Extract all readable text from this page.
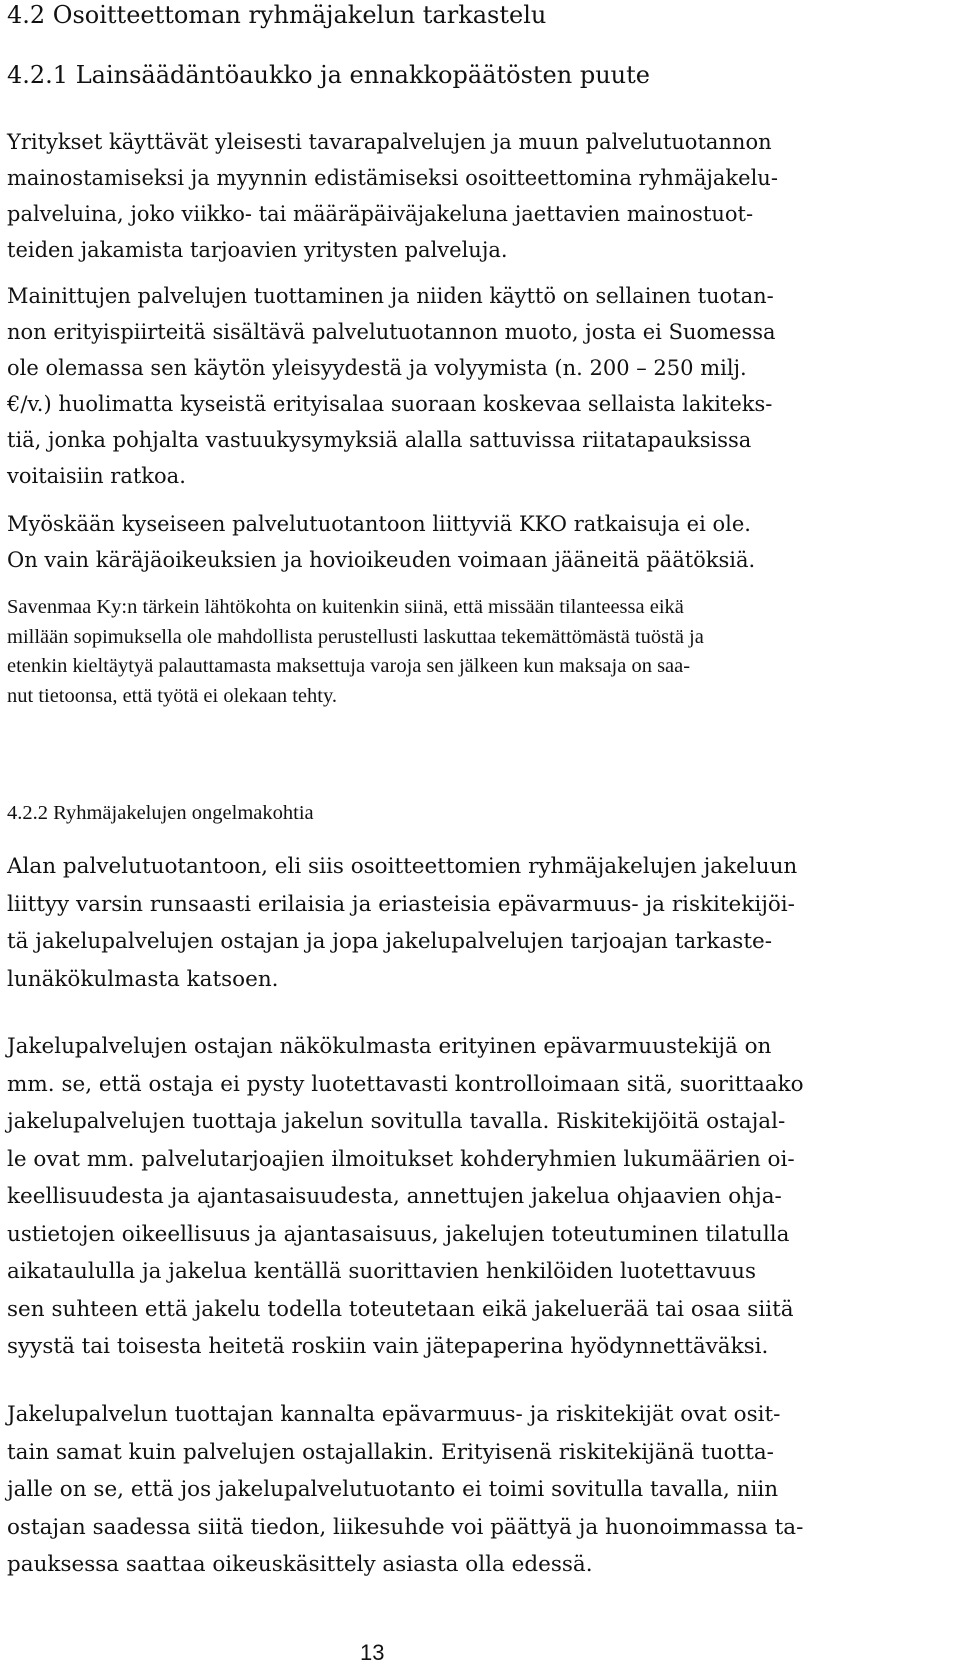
4.2 Osoitteettoman ryhmäjakelun tarkastelu
4.2.1 Lainsäädäntöaukko ja ennakkopäätösten puute

Yritykset käyttävät yleisesti tavarapalvelujen ja muun palvelutuotannon
mainostamiseksi ja myynnin edistämiseksi osoitteettomina ryhmäjakelu-
palveluina, joko viikko- tai määräpäiväjakeluna jaettavien mainostuot-
teiden jakamista tarjoavien yritysten palveluja.

Mainittujen palvelujen tuottaminen ja niiden käyttö on sellainen tuotan-
non erityispiirteitä sisältävä palvelutuotannon muoto, josta ei Suomessa
ole olemassa sen käytön yleisyydestä ja volyymista (n. 200 – 250 milj.
€/v.) huolimatta kyseistä erityisalaa suoraan koskevaa sellaista lakiteks-
tiä, jonka pohjalta vastuukysymyksiä alalla sattuvissa riitatapauksissa
voitaisiin ratkoa.

Myöskään kyseiseen palvelutuotantoon liittyviä KKO ratkaisuja ei ole.
On vain käräjäoikeuksien ja hovioikeuden voimaan jääneitä päätöksiä.

Savenmaa Ky:n tärkein lähtökohta on kuitenkin siinä, että missään tilanteessa eikä
millään sopimuksella ole mahdollista perustellusti laskuttaa tekemättömästä tuöstä ja
etenkin kieltäytyä palauttamasta maksettuja varoja sen jälkeen kun maksaja on saa-
nut tietoonsa, että työtä ei olekaan tehty.

4.2.2 Ryhmäjakelujen ongelmakohtia

Alan palvelutuotantoon, eli siis osoitteettomien ryhmäjakelujen jakeluun
liittyy varsin runsaasti erilaisia ja eriasteisia epävarmuus- ja riskitekijöi-
tä jakelupalvelujen ostajan ja jopa jakelupalvelujen tarjoajan tarkaste-
lunäkökulmasta katsoen.

Jakelupalvelujen ostajan näkökulmasta erityinen epävarmuustekijä on
mm. se, että ostaja ei pysty luotettavasti kontrolloimaan sitä, suorittaako
jakelupalvelujen tuottaja jakelun sovitulla tavalla. Riskitekijöitä ostajal-
le ovat mm. palvelutarjoajien ilmoitukset kohderyhmien lukumäärien oi-
keellisuudesta ja ajantasaisuudesta, annettujen jakelua ohjaavien ohja-
ustietojen oikeellisuus ja ajantasaisuus, jakelujen toteutuminen tilatulla
aikataululla ja jakelua kentällä suorittavien henkilöiden luotettavuus
sen suhteen että jakelu todella toteutetaan eikä jakeluerää tai osaa siitä
syystä tai toisesta heitetä roskiin vain jätepaperina hyödynnettäväksi.

Jakelupalvelun tuottajan kannalta epävarmuus- ja riskitekijät ovat osit-
tain samat kuin palvelujen ostajallakin. Erityisenä riskitekijänä tuotta-
jalle on se, että jos jakelupalvelutuotanto ei toimi sovitulla tavalla, niin
ostajan saadessa siitä tiedon, liikesuhde voi päättyä ja huonoimmassa ta-
pauksessa saattaa oikeuskäsittely asiasta olla edessä.

13
